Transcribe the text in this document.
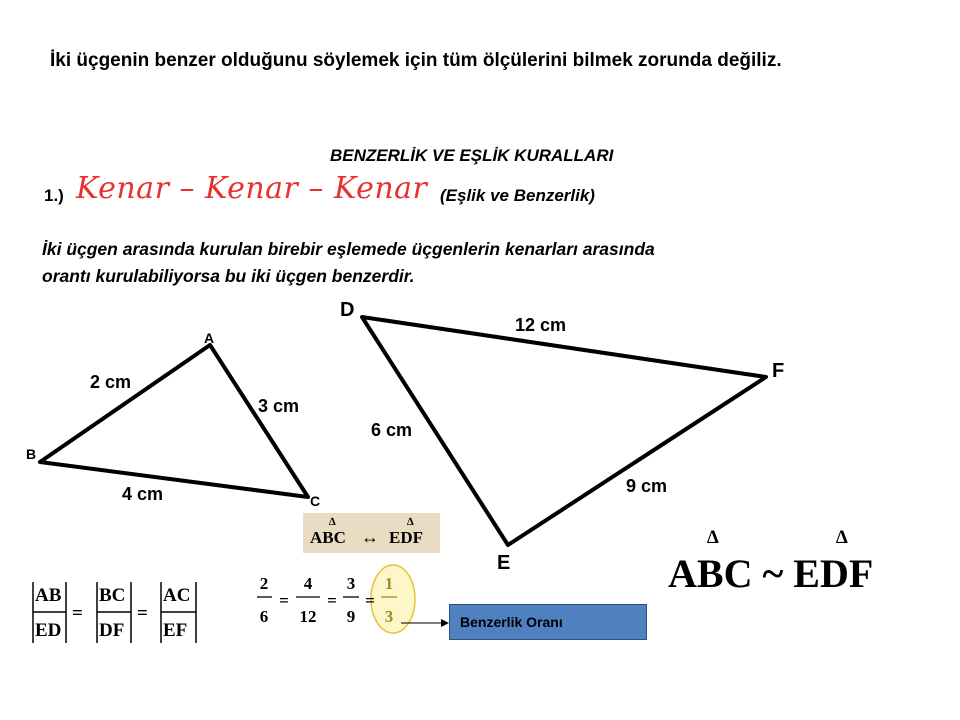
İki üçgenin benzer olduğunu söylemek için tüm ölçülerini bilmek zorunda değiliz.
BENZERLİK VE EŞLİK KURALLARI
1.) Kenar – Kenar – Kenar (Eşlik ve Benzerlik)
İki üçgen arasında kurulan birebir eşlemede üçgenlerin kenarları arasında orantı kurulabiliyorsa bu iki üçgen benzerdir.
A
B
C
2 cm
3 cm
4 cm
D
E
F
12 cm
6 cm
9 cm
AB
ED
=
BC
DF
=
AC
EF
2
6
=
4
12
=
3
9
=
1
3
∆	∆
ABC ↔ EDF	∆	∆
ABC ~ EDF
Benzerlik Oranı
